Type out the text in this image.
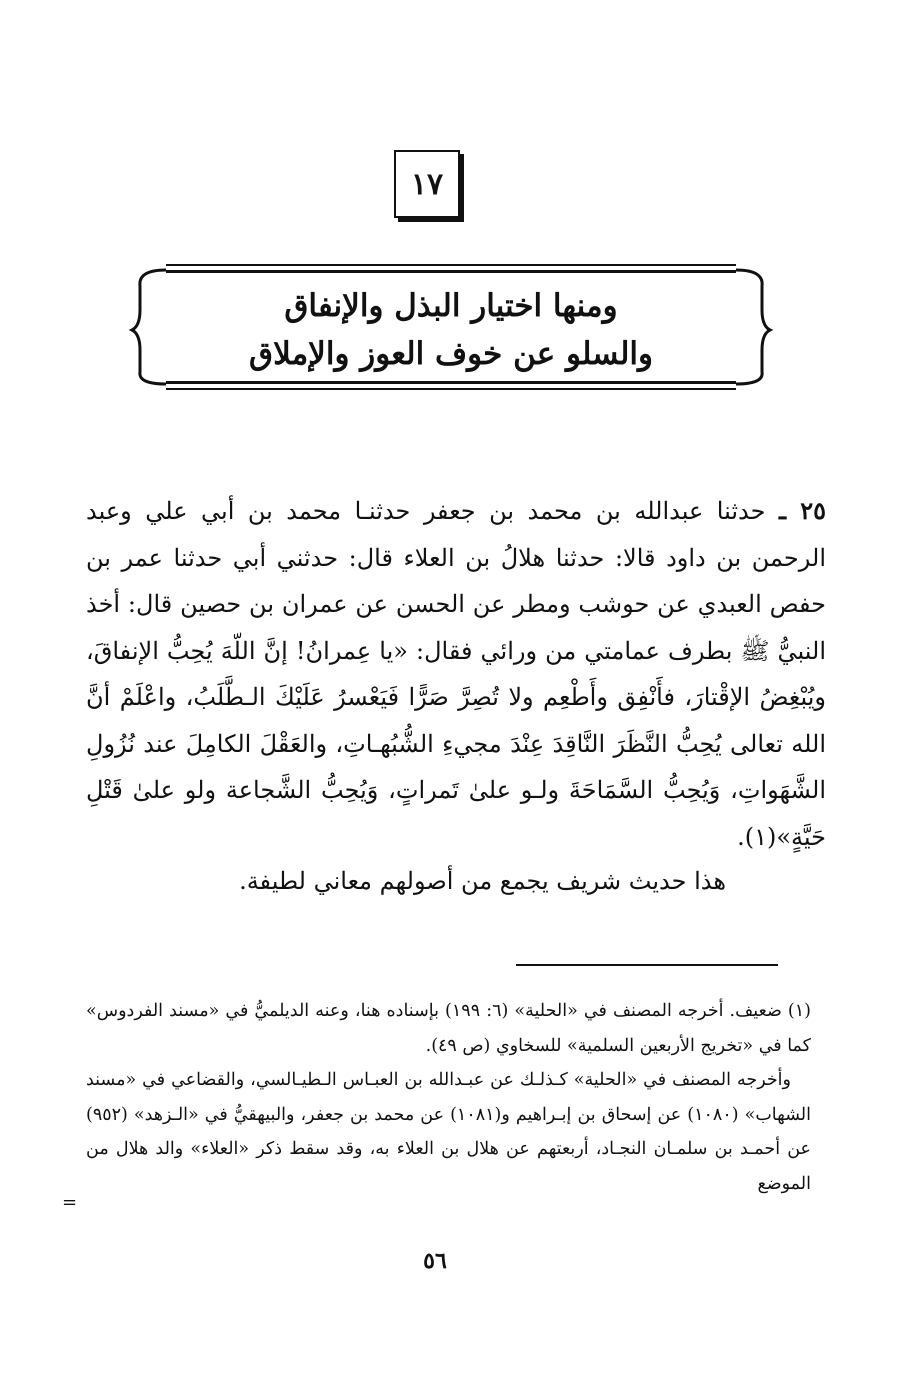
١٧
ومنها اختيار البذل والإنفاق
والسلو عن خوف العوز والإملاق
٢٥ ـ حدثنا عبدالله بن محمد بن جعفر حدثنـا محمد بن أبي علي وعبد الرحمن بن داود قالا: حدثنا هلالُ بن العلاء قال: حدثني أبي حدثنا عمر بن حفص العبدي عن حوشب ومطر عن الحسن عن عمران بن حصين قال: أخذ النبيُّ ﷺ بطرف عمامتي من ورائي فقال: «يا عِمرانُ! إنَّ اللّهَ يُحِبُّ الإنفاقَ، ويُبْغِضُ الإقْتارَ، فأَنْفِق وأَطْعِم ولا تُصِرَّ صَرًّا فَيَعْسرُ عَلَيْكَ الـطَّلَبُ، واعْلَمْ أنَّ الله تعالى يُحِبُّ النَّظَرَ النَّاقِدَ عِنْدَ مجيءِ الشُّبُهـاتِ، والعَقْلَ الكامِلَ عند نُزُولِ الشَّهَواتِ، وَيُحِبُّ السَّمَاحَةَ ولـو علىٰ تَمراتٍ، وَيُحِبُّ الشَّجاعة ولو علىٰ قَتْلِ حَيَّةٍ»(١).
هذا حديث شريف يجمع من أصولهم معاني لطيفة.

(١) ضعيف. أخرجه المصنف في «الحلية» (٦: ١٩٩) بإسناده هنا، وعنه الديلميُّ في «مسند الفردوس» كما في «تخريج الأربعين السلمية» للسخاوي (ص ٤٩).

وأخرجه المصنف في «الحلية» كـذلـك عن عبـدالله بن العبـاس الـطيـالسي، والقضاعي في «مسند الشهاب» (١٠٨٠) عن إسحاق بن إبـراهيم و(١٠٨١) عن محمد بن جعفر، والبيهقيُّ في «الـزهد» (٩٥٢) عن أحمـد بن سلمـان النجـاد، أربعتهم عن هلال بن العلاء به، وقد سقط ذكر «العلاء» والد هلال من الموضع

=
٥٦
